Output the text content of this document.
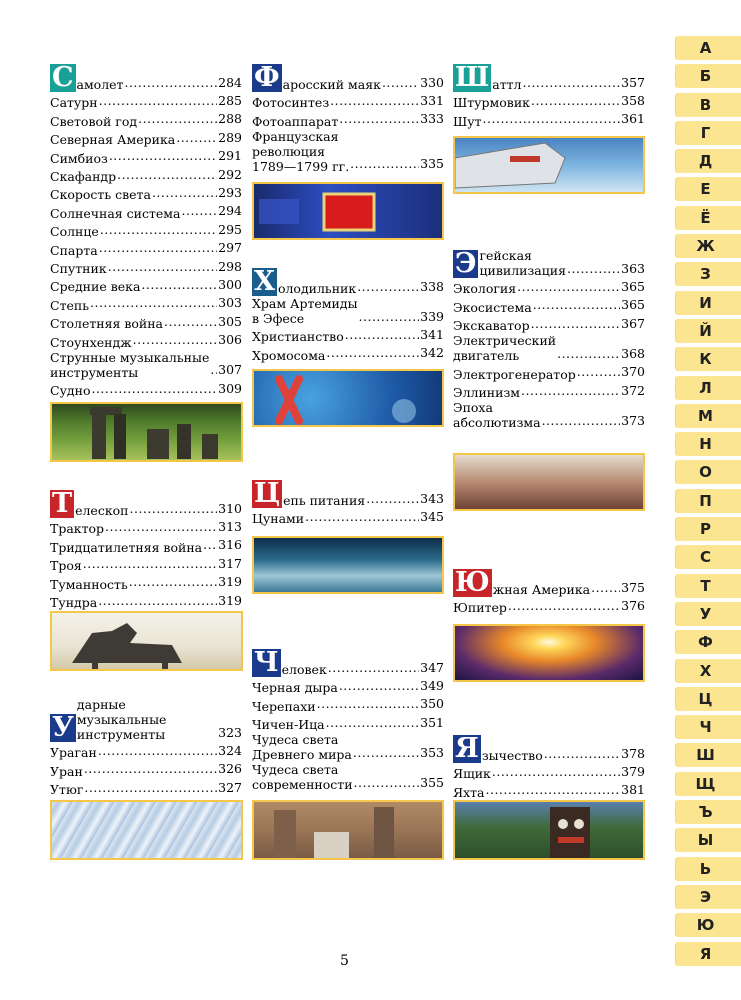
С амолет .....	284
Сатурн .....	285
Световой год .....	288
Северная Америка .....	289
Симбиоз .....	291
Скафандр .....	292
Скорость света .....	293
Солнечная система .....	294
Солнце .....	295
Спарта .....	297
Спутник .....	298
Средние века .....	300
Степь .....	303
Столетняя война .....	305
Стоунхендж .....	306
Струнные музыкальные
инструменты .....	307
Судно .....	309
Т елескоп .....	310
Трактор .....	313
Тридцатилетняя война ..... 316
Троя .....	317
Туманность .....	319
Тундра .....	319
У
дарные музыкальные
инструменты	323
Ураган .....	324
Уран .....	326
Утюг .....	327
Ф аросский маяк .....	330
Фотосинтез .....	331
Фотоаппарат .....	333
Французская
революция
1789—1799 гг. .....	335
Х олодильник .....	338
Храм Артемиды
в Эфесе .....	339
Христианство .....	341
Хромосома .....	342
Ц епь питания .....	343
Цунами .....	345
Ч еловек .....	347
Черная дыра .....	349
Черепахи .....	350
Чичен-Ица .....	351
Чудеса света
Древнего мира .....	353
Чудеса света
современности .....	355
Ш аттл .....	357
Штурмовик .....	358
Шут .....	361
Э гейская
цивилизация .....	363
Экология .....	365
Экосистема .....	365
Экскаватор .....	367
Электрический
двигатель .....	368
Электрогенератор .....	370
Эллинизм .....	372
Эпоха
абсолютизма .....	373
Ю жная Америка ..... 375
Юпитер .....	376
Я зычество .....	378
Ящик .....	379
Яхта .....	381
А
Б
В
Г
Д
Е
Ё
Ж
З
И
Й
К
Л
М
Н
О
П
Р
С
Т
У
Ф
Х
Ц
Ч
Ш
Щ
Ъ
Ы
Ь
Э
Ю
Я
5
